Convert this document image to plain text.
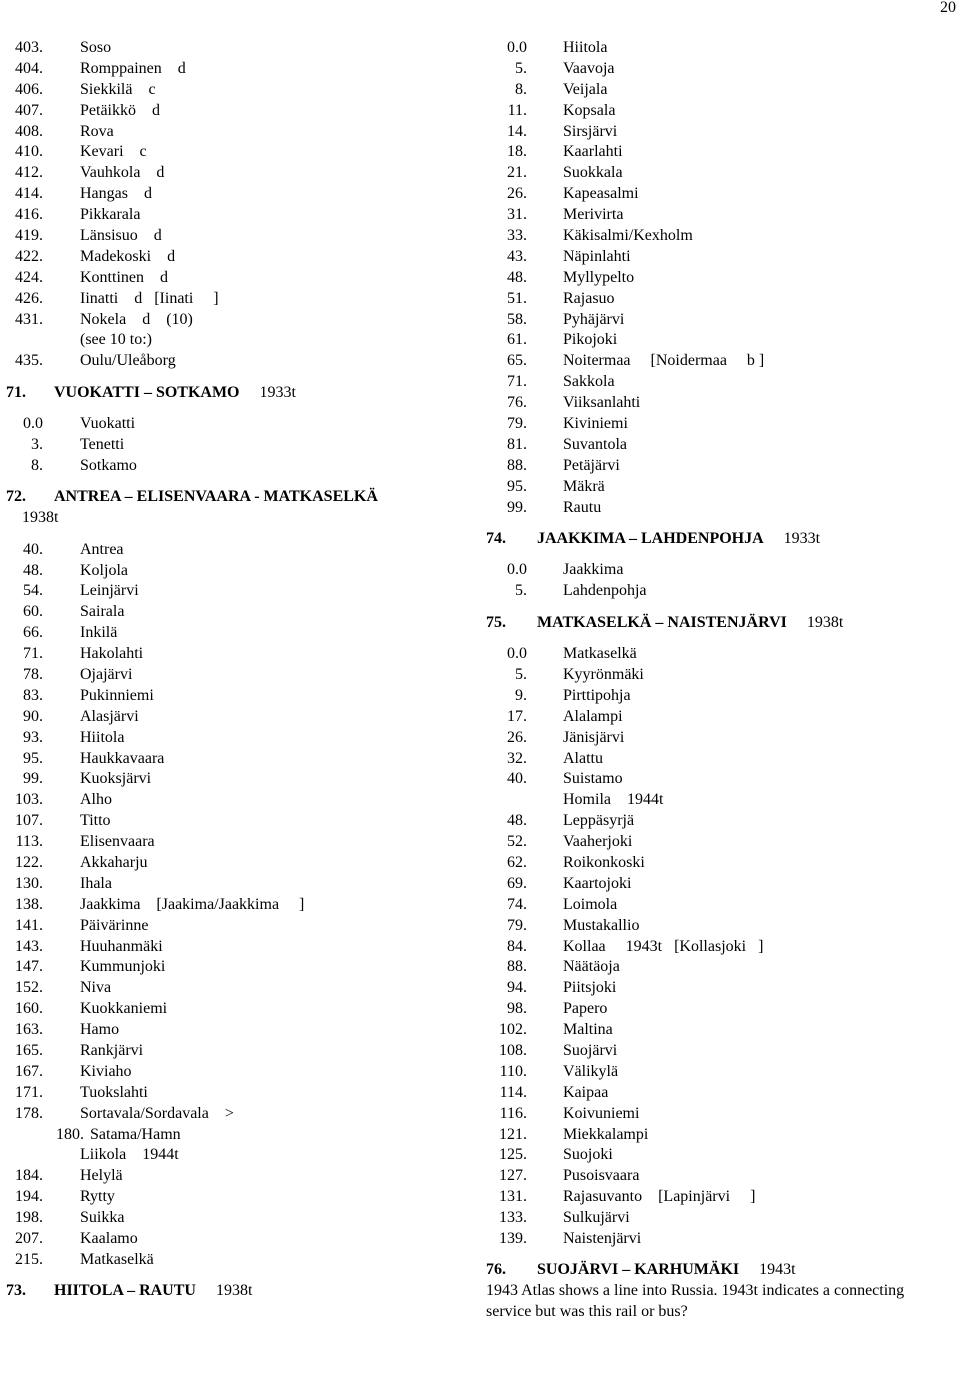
20
403. Soso
404. Romppainen    d
406. Siekkilä    c
407. Petäikkö    d
408. Rova
410. Kevari    c
412. Vauhkola    d
414. Hangas    d
416. Pikkarala
419. Länsisuo    d
422. Madekoski    d
424. Konttinen    d
426. Iinatti    d   [Iinati     ]
431. Nokela    d    (10)
(see 10 to:)
435. Oulu/Uleåborg
71. VUOKATTI – SOTKAMO 1933t
0.0 Vuokatti
3. Tenetti
8. Sotkamo
72. ANTREA – ELISENVAARA - MATKASELKÄ
1938t
40. Antrea
48. Koljola
54. Leinjärvi
60. Sairala
66. Inkilä
71. Hakolahti
78. Ojajärvi
83. Pukinniemi
90. Alasjärvi
93. Hiitola
95. Haukkavaara
99. Kuoksjärvi
103. Alho
107. Titto
113. Elisenvaara
122. Akkaharju
130. Ihala
138. Jaakkima    [Jaakima/Jaakkima     ]
141. Päivärinne
143. Huuhanmäki
147. Kummunjoki
152. Niva
160. Kuokkaniemi
163. Hamo
165. Rankjärvi
167. Kiviaho
171. Tuokslahti
178. Sortavala/Sordavala    >
180. Satama/Hamn
Liikola    1944t
184. Helylä
194. Rytty
198. Suikka
207. Kaalamo
215. Matkaselkä
73. HIITOLA – RAUTU 1938t
0.0 Hiitola
5. Vaavoja
8. Veijala
11. Kopsala
14. Sirsjärvi
18. Kaarlahti
21. Suokkala
26. Kapeasalmi
31. Merivirta
33. Käkisalmi/Kexholm
43. Näpinlahti
48. Myllypelto
51. Rajasuo
58. Pyhäjärvi
61. Pikojoki
65. Noitermaa     [Noidermaa     b ]
71. Sakkola
76. Viiksanlahti
79. Kiviniemi
81. Suvantola
88. Petäjärvi
95. Mäkrä
99. Rautu
74. JAAKKIMA – LAHDENPOHJA 1933t
0.0 Jaakkima
5. Lahdenpohja
75. MATKASELKÄ – NAISTENJÄRVI 1938t
0.0 Matkaselkä
5. Kyyrönmäki
9. Pirttipohja
17. Alalampi
26. Jänisjärvi
32. Alattu
40. Suistamo
Homila    1944t
48. Leppäsyrjä
52. Vaaherjoki
62. Roikonkoski
69. Kaartojoki
74. Loimola
79. Mustakallio
84. Kollaa     1943t   [Kollasjoki   ]
88. Näätäoja
94. Piitsjoki
98. Papero
102. Maltina
108. Suojärvi
110. Välikylä
114. Kaipaa
116. Koivuniemi
121. Miekkalampi
125. Suojoki
127. Pusoisvaara
131. Rajasuvanto    [Lapinjärvi     ]
133. Sulkujärvi
139. Naistenjärvi
76. SUOJÄRVI – KARHUMÄKI 1943t
1943 Atlas shows a line into Russia. 1943t indicates a connecting service but was this rail or bus?
